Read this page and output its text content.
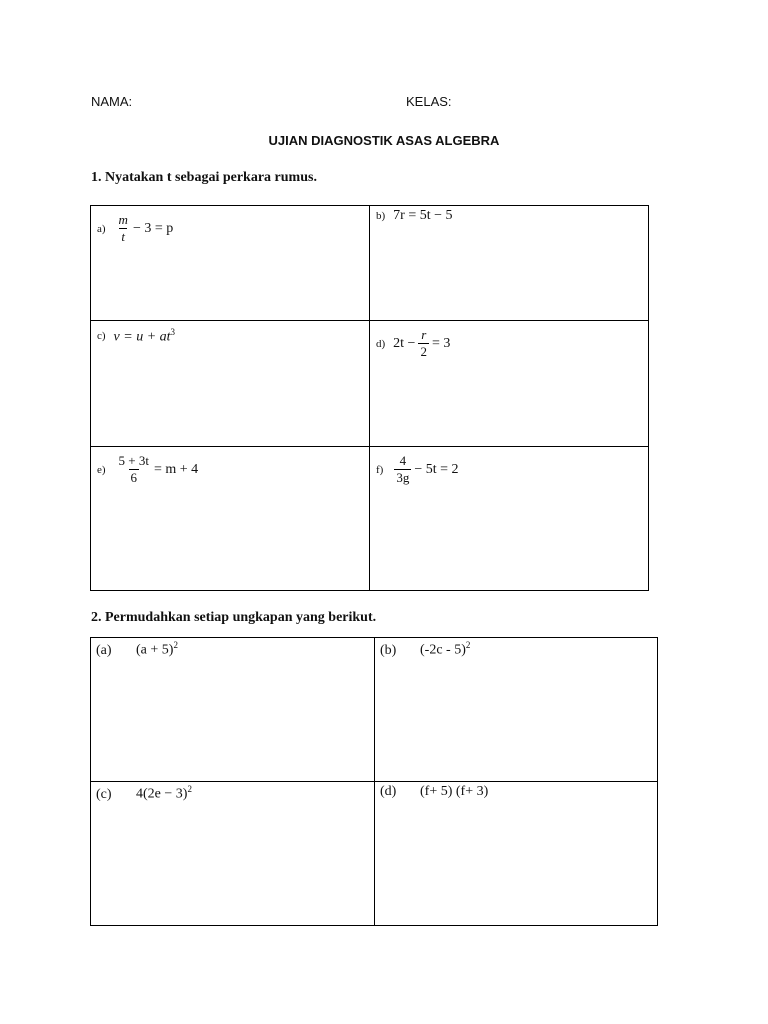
NAMA:	KELAS:
UJIAN DIAGNOSTIK ASAS ALGEBRA
1. Nyatakan t sebagai perkara rumus.
$a) \frac{m}{t} - 3 = p$	b) 7r = 5t − 5

c) $v = u + at^3$	d) $2t - \frac{r}{2} = 3$

$e) \frac{5 + 3t}{6} = m + 4$	$f) \frac{4}{3g} - 5t = 2$
2. Permudahkan setiap ungkapan yang berikut.
(a) $(a + 5)^2$	(b) (-2c - 5)$^2$

(c) $4(2e - 3)^2$	(d) (f+ 5) (f+ 3)
